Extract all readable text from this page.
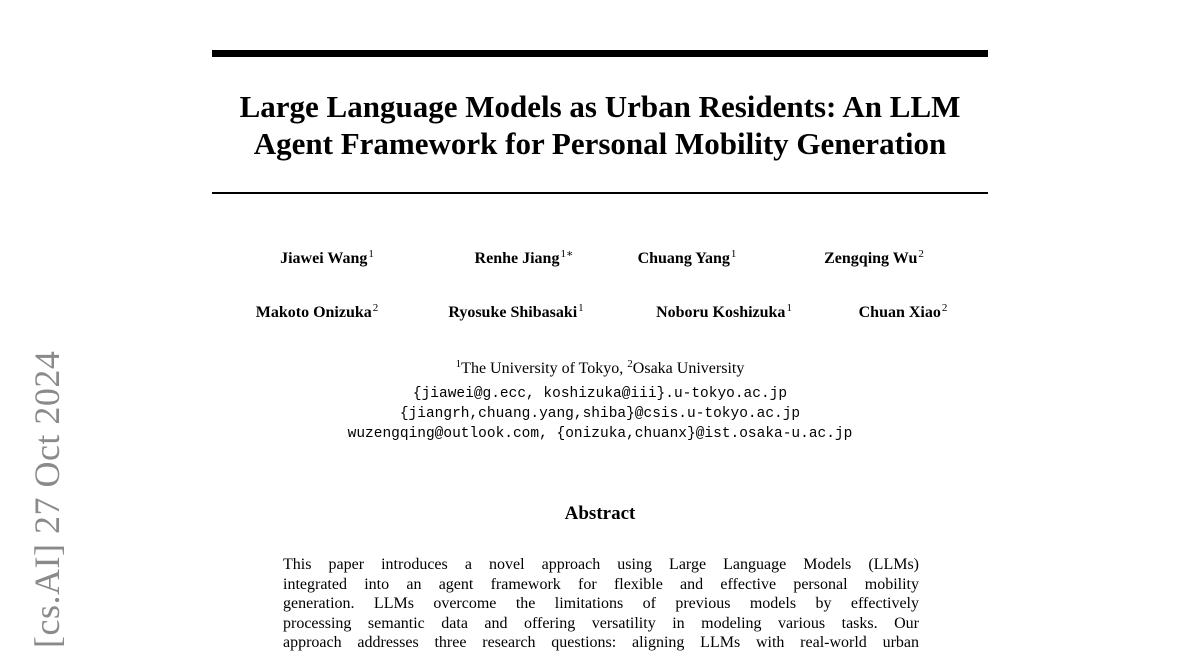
[cs.AI] 27 Oct 2024
Large Language Models as Urban Residents: An LLM
Agent Framework for Personal Mobility Generation
Jiawei Wang$^1$	Renhe Jiang$^{1∗}$	Chuang Yang$^1$	Zengqing Wu$^2$
Makoto Onizuka$^2$	Ryosuke Shibasaki$^1$	Noboru Koshizuka$^1$	Chuan Xiao$^2$
$^1$The University of Tokyo, $^2$Osaka University
{jiawei@g.ecc, koshizuka@iii}.u-tokyo.ac.jp
{jiangrh,chuang.yang,shiba}@csis.u-tokyo.ac.jp
wuzengqing@outlook.com, {onizuka,chuanx}@ist.osaka-u.ac.jp
Abstract
This paper introduces a novel approach using Large Language Models (LLMs)
integrated into an agent framework for flexible and effective personal mobility
generation. LLMs overcome the limitations of previous models by effectively
processing semantic data and offering versatility in modeling various tasks. Our
approach addresses three research questions: aligning LLMs with real-world urban
